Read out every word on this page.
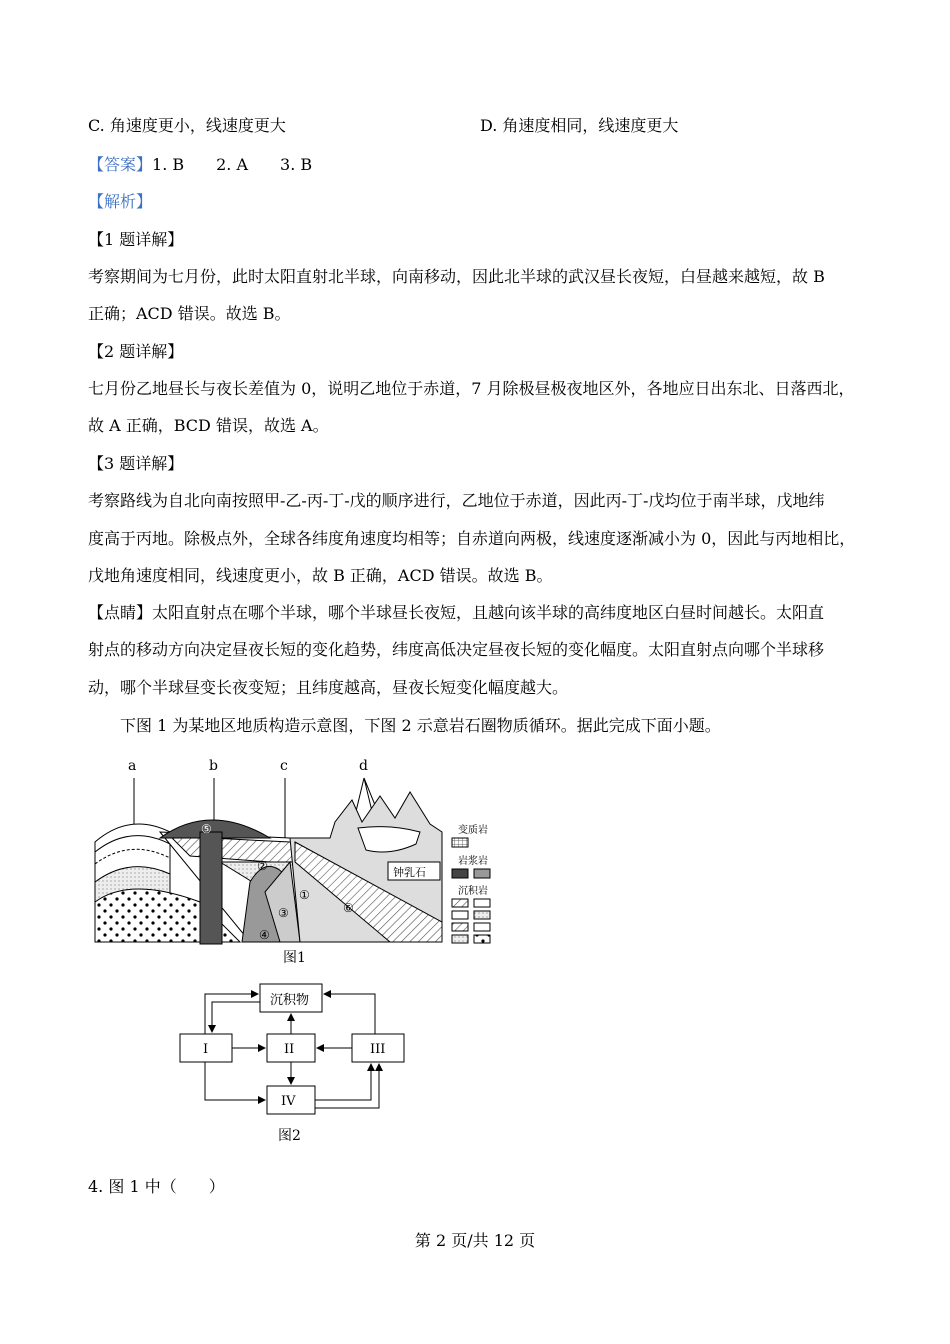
C. 角速度更小，线速度更大	D. 角速度相同，线速度更大
【答案】1. B 2. A 3. B
【解析】
【1 题详解】
考察期间为七月份，此时太阳直射北半球，向南移动，因此北半球的武汉昼长夜短，白昼越来越短，故 B
正确；ACD 错误。故选 B。
【2 题详解】
七月份乙地昼长与夜长差值为 0，说明乙地位于赤道，7 月除极昼极夜地区外，各地应日出东北、日落西北，
故 A 正确，BCD 错误，故选 A。
【3 题详解】
考察路线为自北向南按照甲-乙-丙-丁-戊的顺序进行，乙地位于赤道，因此丙-丁-戊均位于南半球，戊地纬
度高于丙地。除极点外，全球各纬度角速度均相等；自赤道向两极，线速度逐渐减小为 0，因此与丙地相比，
戊地角速度相同，线速度更小，故 B 正确，ACD 错误。故选 B。
【点睛】太阳直射点在哪个半球，哪个半球昼长夜短，且越向该半球的高纬度地区白昼时间越长。太阳直
射点的移动方向决定昼夜长短的变化趋势，纬度高低决定昼夜长短的变化幅度。太阳直射点向哪个半球移
动，哪个半球昼变长夜变短；且纬度越高，昼夜长短变化幅度越大。
下图 1 为某地区地质构造示意图，下图 2 示意岩石圈物质循环。据此完成下面小题。
a	b	c	d
钟乳石
⑤
②
①
③
④
⑥
变质岩
岩浆岩
沉积岩
图1
沉积物
I	II	III
IV
图2
4. 图 1 中（　　）
第 2 页/共 12 页
